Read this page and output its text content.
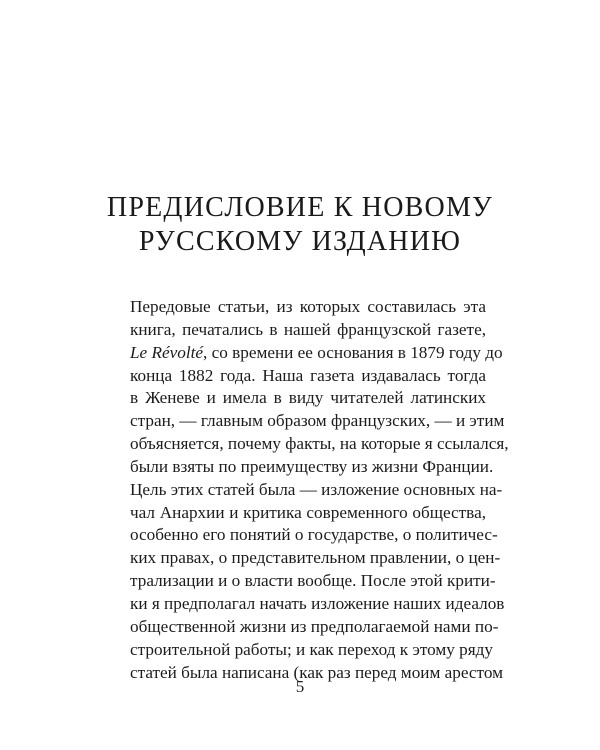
ПРЕДИСЛОВИЕ К НОВОМУ
РУССКОМУ ИЗДАНИЮ
Передовые статьи, из которых составилась эта
книга, печатались в нашей французской газете,
Le Révolté, со времени ее основания в 1879 году до
конца 1882 года. Наша газета издавалась тогда
в Женеве и имела в виду читателей латинских
стран, — главным образом французских, — и этим
объясняется, почему факты, на которые я ссылался,
были взяты по преимуществу из жизни Франции.
Цель этих статей была — изложение основных на-
чал Анархии и критика современного общества,
особенно его понятий о государстве, о политичес-
ких правах, о представительном правлении, о цен-
трализации и о власти вообще. После этой крити-
ки я предполагал начать изложение наших идеалов
общественной жизни из предполагаемой нами по-
строительной работы; и как переход к этому ряду
статей была написана (как раз перед моим арестом
5
